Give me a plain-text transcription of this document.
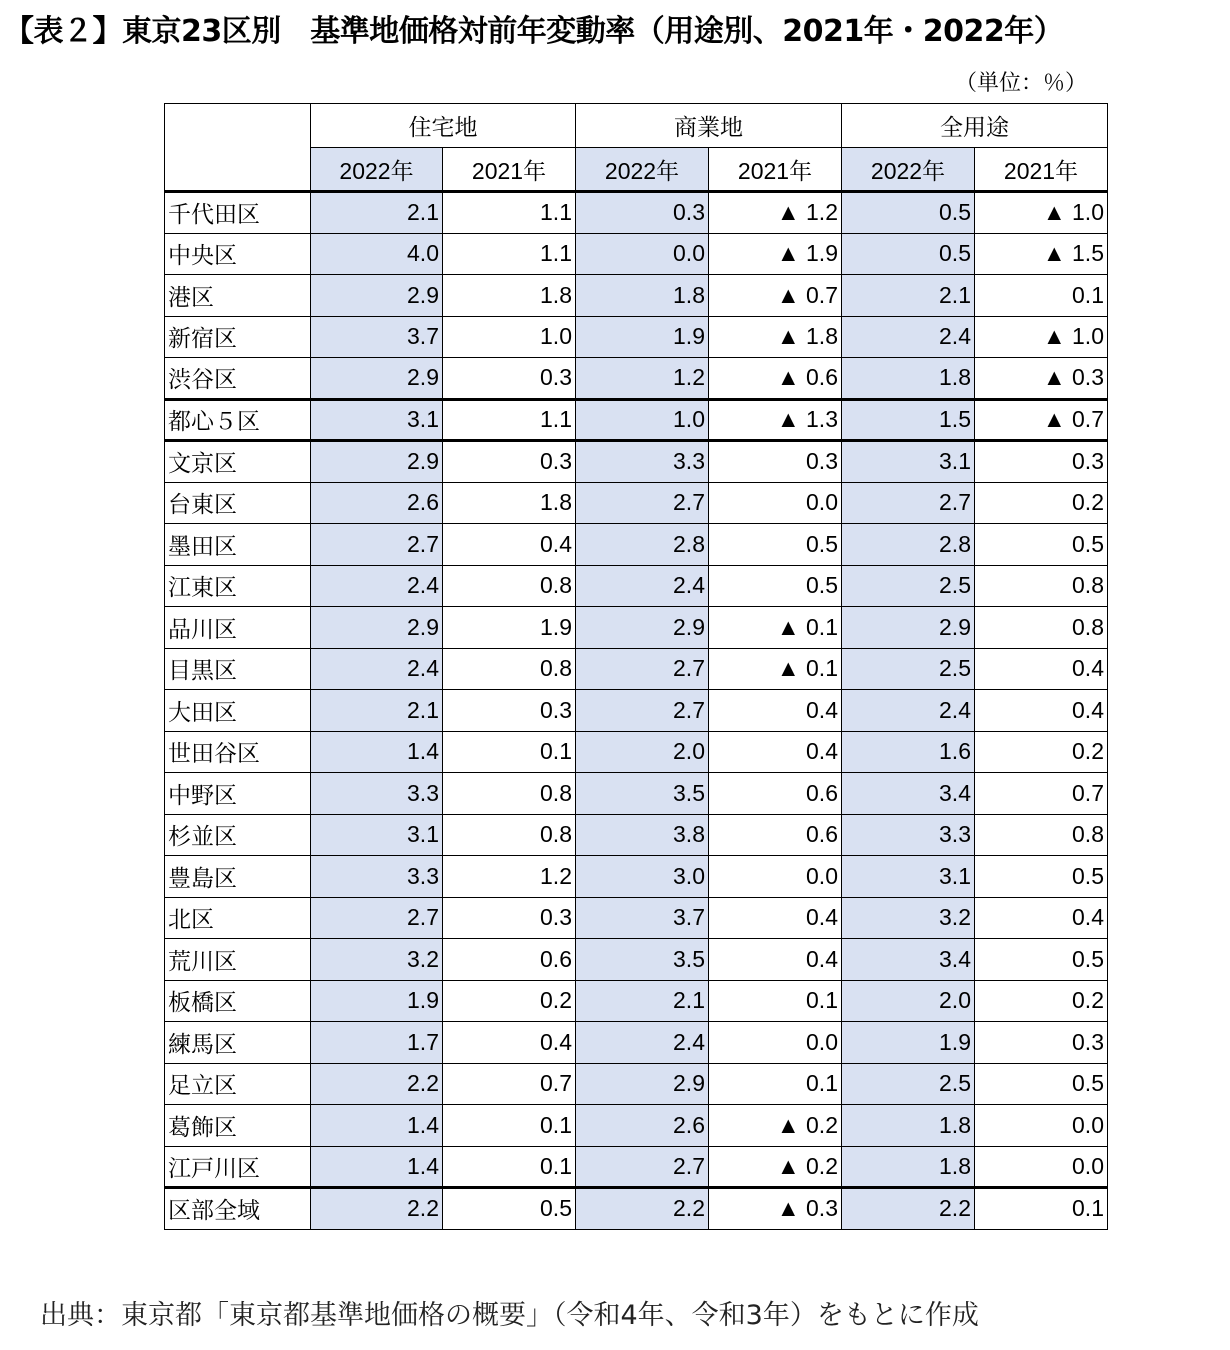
【表２】東京23区別　基準地価格対前年変動率（用途別、2021年・2022年）
（単位：％）
	住宅地		商業地		全用途	
	2022年	2021年	2022年	2021年	2022年	2021年
千代田区	2.1	1.1	0.3	▲ 1.2	0.5	▲ 1.0
中央区	4.0	1.1	0.0	▲ 1.9	0.5	▲ 1.5
港区	2.9	1.8	1.8	▲ 0.7	2.1	0.1
新宿区	3.7	1.0	1.9	▲ 1.8	2.4	▲ 1.0
渋谷区	2.9	0.3	1.2	▲ 0.6	1.8	▲ 0.3
都心５区	3.1	1.1	1.0	▲ 1.3	1.5	▲ 0.7
文京区	2.9	0.3	3.3	0.3	3.1	0.3
台東区	2.6	1.8	2.7	0.0	2.7	0.2
墨田区	2.7	0.4	2.8	0.5	2.8	0.5
江東区	2.4	0.8	2.4	0.5	2.5	0.8
品川区	2.9	1.9	2.9	▲ 0.1	2.9	0.8
目黒区	2.4	0.8	2.7	▲ 0.1	2.5	0.4
大田区	2.1	0.3	2.7	0.4	2.4	0.4
世田谷区	1.4	0.1	2.0	0.4	1.6	0.2
中野区	3.3	0.8	3.5	0.6	3.4	0.7
杉並区	3.1	0.8	3.8	0.6	3.3	0.8
豊島区	3.3	1.2	3.0	0.0	3.1	0.5
北区	2.7	0.3	3.7	0.4	3.2	0.4
荒川区	3.2	0.6	3.5	0.4	3.4	0.5
板橋区	1.9	0.2	2.1	0.1	2.0	0.2
練馬区	1.7	0.4	2.4	0.0	1.9	0.3
足立区	2.2	0.7	2.9	0.1	2.5	0.5
葛飾区	1.4	0.1	2.6	▲ 0.2	1.8	0.0
江戸川区	1.4	0.1	2.7	▲ 0.2	1.8	0.0
区部全域	2.2	0.5	2.2	▲ 0.3	2.2	0.1
出典：東京都「東京都基準地価格の概要」（令和4年、令和3年）をもとに作成
